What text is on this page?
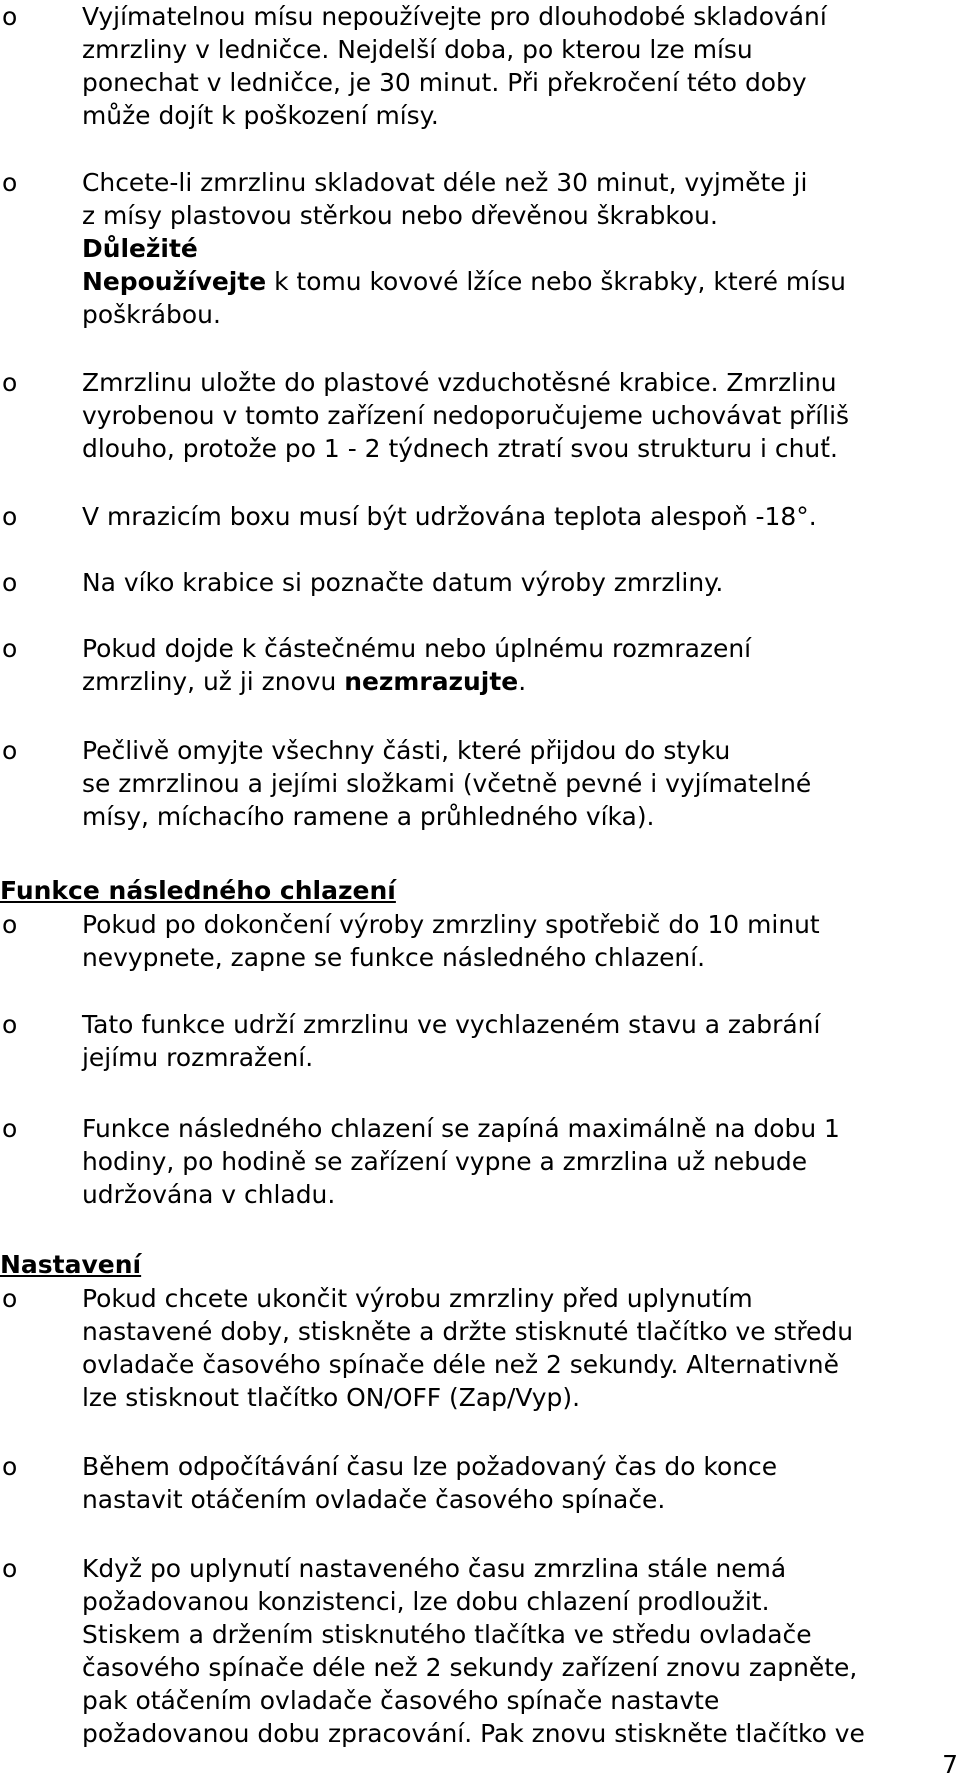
o	Vyjímatelnou mísu nepoužívejte pro dlouhodobé skladování
zmrzliny v ledničce. Nejdelší doba, po kterou lze mísu
ponechat v ledničce, je 30 minut. Při překročení této doby
může dojít k poškození mísy.
o	Chcete-li zmrzlinu skladovat déle než 30 minut, vyjměte ji
z mísy plastovou stěrkou nebo dřevěnou škrabkou.
Důležité
Nepoužívejte k tomu kovové lžíce nebo škrabky, které mísu
poškrábou.
o	Zmrzlinu uložte do plastové vzduchotěsné krabice. Zmrzlinu
vyrobenou v tomto zařízení nedoporučujeme uchovávat příliš
dlouho, protože po 1 - 2 týdnech ztratí svou strukturu i chuť.
o	V mrazicím boxu musí být udržována teplota alespoň -18°.
o	Na víko krabice si poznačte datum výroby zmrzliny.
o	Pokud dojde k částečnému nebo úplnému rozmrazení
zmrzliny, už ji znovu nezmrazujte.
o	Pečlivě omyjte všechny části, které přijdou do styku
se zmrzlinou a jejími složkami (včetně pevné i vyjímatelné
mísy, míchacího ramene a průhledného víka).
Funkce následného chlazení
o	Pokud po dokončení výroby zmrzliny spotřebič do 10 minut
nevypnete, zapne se funkce následného chlazení.
o	Tato funkce udrží zmrzlinu ve vychlazeném stavu a zabrání
jejímu rozmražení.
o	Funkce následného chlazení se zapíná maximálně na dobu 1
hodiny, po hodině se zařízení vypne a zmrzlina už nebude
udržována v chladu.
Nastavení
o	Pokud chcete ukončit výrobu zmrzliny před uplynutím
nastavené doby, stiskněte a držte stisknuté tlačítko ve středu
ovladače časového spínače déle než 2 sekundy. Alternativně
lze stisknout tlačítko ON/OFF (Zap/Vyp).
o	Během odpočítávání času lze požadovaný čas do konce
nastavit otáčením ovladače časového spínače.
o	Když po uplynutí nastaveného času zmrzlina stále nemá
požadovanou konzistenci, lze dobu chlazení prodloužit.
Stiskem a držením stisknutého tlačítka ve středu ovladače
časového spínače déle než 2 sekundy zařízení znovu zapněte,
pak otáčením ovladače časového spínače nastavte
požadovanou dobu zpracování. Pak znovu stiskněte tlačítko ve
7
